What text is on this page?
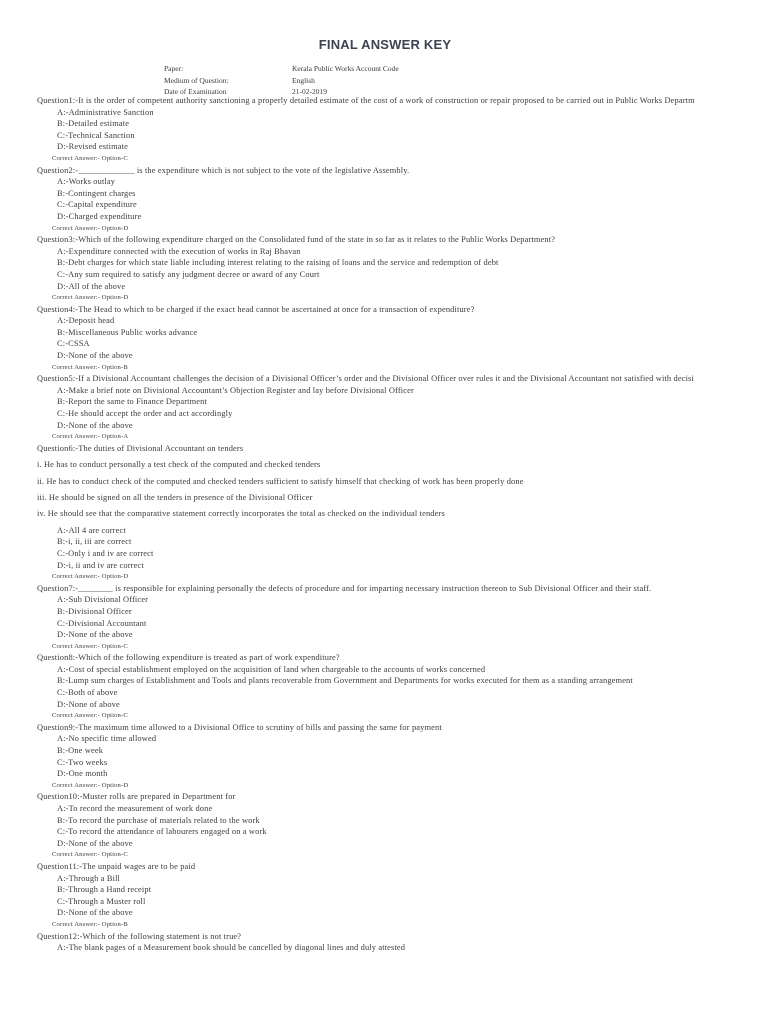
FINAL ANSWER KEY
Paper:	Kerala Public Works Account Code
Medium of Question:	English
Date of Examination	21-02-2019
Question1:-It is the order of competent authority sanctioning a properly detailed estimate of the cost of a work of construction or repair proposed to be carried out in Public Works Departm
A:-Administrative Sanction
B:-Detailed estimate
C:-Technical Sanction
D:-Revised estimate
Correct Answer:- Option-C
Question2:-_____________ is the expenditure which is not subject to the vote of the legislative Assembly.
A:-Works outlay
B:-Contingent charges
C:-Capital expenditure
D:-Charged expenditure
Correct Answer:- Option-D
Question3:-Which of the following expenditure charged on the Consolidated fund of the state in so far as it relates to the Public Works Department?
A:-Expenditure connected with the execution of works in Raj Bhavan
B:-Debt charges for which state liable including interest relating to the raising of loans and the service and redemption of debt
C:-Any sum required to satisfy any judgment decree or award of any Court
D:-All of the above
Correct Answer:- Option-D
Question4:-The Head to which to be charged if the exact head cannot be ascertained at once for a transaction of expenditure?
A:-Deposit head
B:-Miscellaneous Public works advance
C:-CSSA
D:-None of the above
Correct Answer:- Option-B
Question5:-If a Divisional Accountant challenges the decision of a Divisional Officer’s order and the Divisional Officer over rules it and the Divisional Accountant not satisfied with decisi
A:-Make a brief note on Divisional Accountant’s Objection Register and lay before Divisional Officer
B:-Report the same to Finance Department
C:-He should accept the order and act accordingly
D:-None of the above
Correct Answer:- Option-A
Question6:-The duties of Divisional Accountant on tenders
i. He has to conduct personally a test check of the computed and checked tenders
ii. He has to conduct check of the computed and checked tenders sufficient to satisfy himself that checking of work has been properly done
iii. He should be signed on all the tenders in presence of the Divisional Officer
iv. He should see that the comparative statement correctly incorporates the total as checked on the individual tenders
A:-All 4 are correct
B:-i, ii, iii are correct
C:-Only i and iv are correct
D:-i, ii and iv are correct
Correct Answer:- Option-D
Question7:-________ is responsible for explaining personally the defects of procedure and for imparting necessary instruction thereon to Sub Divisional Officer and their staff.
A:-Sub Divisional Officer
B:-Divisional Officer
C:-Divisional Accountant
D:-None of the above
Correct Answer:- Option-C
Question8:-Which of the following expenditure is treated as part of work expenditure?
A:-Cost of special establishment employed on the acquisition of land when chargeable to the accounts of works concerned
B:-Lump sum charges of Establishment and Tools and plants recoverable from Government and Departments for works executed for them as a standing arrangement
C:-Both of above
D:-None of above
Correct Answer:- Option-C
Question9:-The maximum time allowed to a Divisional Office to scrutiny of bills and passing the same for payment
A:-No specific time allowed
B:-One week
C:-Two weeks
D:-One month
Correct Answer:- Option-D
Question10:-Muster rolls are prepared in Department for
A:-To record the measurement of work done
B:-To record the purchase of materials related to the work
C:-To record the attendance of labourers engaged on a work
D:-None of the above
Correct Answer:- Option-C
Question11:-The unpaid wages are to be paid
A:-Through a Bill
B:-Through a Hand receipt
C:-Through a Muster roll
D:-None of the above
Correct Answer:- Option-B
Question12:-Which of the following statement is not true?
A:-The blank pages of a Measurement book should be cancelled by diagonal lines and duly attested
